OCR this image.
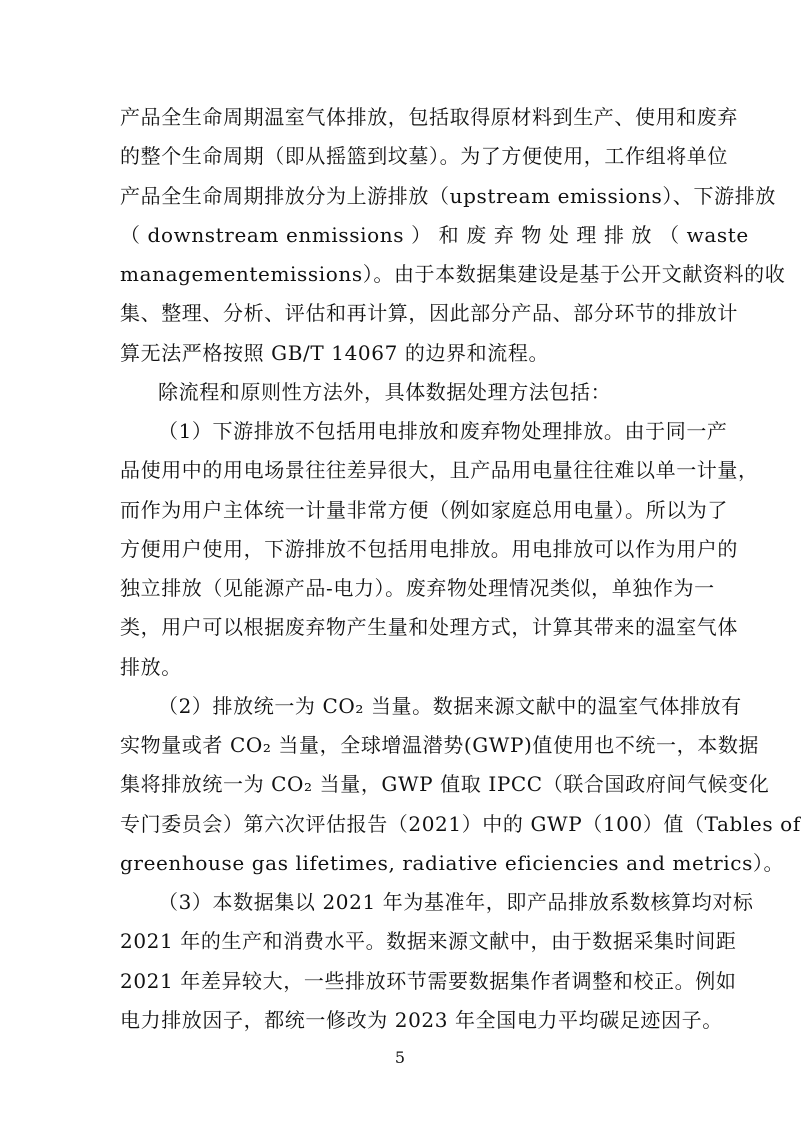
产品全生命周期温室气体排放，包括取得原材料到生产、使用和废弃
的整个生命周期（即从摇篮到坟墓）。为了方便使用，工作组将单位
产品全生命周期排放分为上游排放（upstream emissions）、下游排放
（ downstream enmissions ） 和 废 弃 物 处 理 排 放 （ waste
managementemissions）。由于本数据集建设是基于公开文献资料的收
集、整理、分析、评估和再计算，因此部分产品、部分环节的排放计
算无法严格按照 GB/T 14067 的边界和流程。
除流程和原则性方法外，具体数据处理方法包括：
（1）下游排放不包括用电排放和废弃物处理排放。由于同一产
品使用中的用电场景往往差异很大，且产品用电量往往难以单一计量，
而作为用户主体统一计量非常方便（例如家庭总用电量）。所以为了
方便用户使用，下游排放不包括用电排放。用电排放可以作为用户的
独立排放（见能源产品-电力）。废弃物处理情况类似，单独作为一
类，用户可以根据废弃物产生量和处理方式，计算其带来的温室气体
排放。
（2）排放统一为 CO₂ 当量。数据来源文献中的温室气体排放有
实物量或者 CO₂ 当量，全球增温潜势(GWP)值使用也不统一，本数据
集将排放统一为 CO₂ 当量，GWP 值取 IPCC（联合国政府间气候变化
专门委员会）第六次评估报告（2021）中的 GWP（100）值（Tables of
greenhouse gas lifetimes, radiative eficiencies and metrics）。
（3）本数据集以 2021 年为基准年，即产品排放系数核算均对标
2021 年的生产和消费水平。数据来源文献中，由于数据采集时间距
2021 年差异较大，一些排放环节需要数据集作者调整和校正。例如
电力排放因子，都统一修改为 2023 年全国电力平均碳足迹因子。
5
